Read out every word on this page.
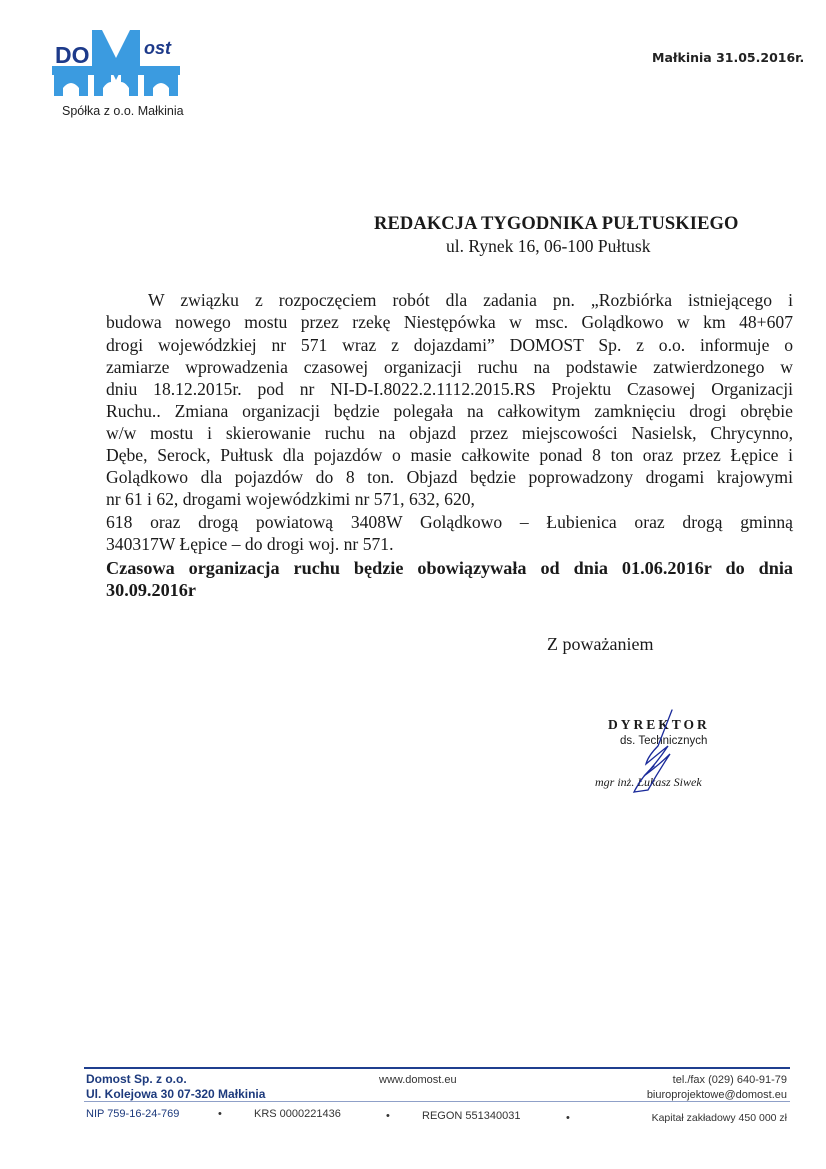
DO	ost
Spółka z o.o. Małkinia
Małkinia 31.05.2016r.
REDAKCJA TYGODNIKA PUŁTUSKIEGO
ul. Rynek 16, 06-100 Pułtusk
W związku z rozpoczęciem robót dla zadania pn. „Rozbiórka istniejącego i
budowa nowego mostu przez rzekę Niestępówka w msc. Golądkowo w km 48+607
drogi wojewódzkiej nr 571 wraz z dojazdami” DOMOST Sp. z o.o. informuje o
zamiarze wprowadzenia czasowej organizacji ruchu na podstawie zatwierdzonego w
dniu 18.12.2015r. pod nr NI-D-I.8022.2.1112.2015.RS Projektu Czasowej Organizacji
Ruchu.. Zmiana organizacji będzie polegała na całkowitym zamknięciu drogi obrębie
w/w mostu i skierowanie ruchu na objazd przez miejscowości Nasielsk, Chrycynno,
Dębe, Serock, Pułtusk dla pojazdów o masie całkowite ponad 8 ton oraz przez Łępice i
Golądkowo dla pojazdów do 8 ton. Objazd będzie poprowadzony drogami krajowymi
nr 61 i 62, drogami wojewódzkimi nr 571, 632, 620,
618 oraz drogą powiatową 3408W Golądkowo – Łubienica oraz drogą gminną
340317W Łępice – do drogi woj. nr 571.
Czasowa organizacja ruchu będzie obowiązywała od dnia 01.06.2016r do dnia
30.09.2016r
Z poważaniem
DYREKTOR
ds. Technicznych
mgr inż. Łukasz Siwek
Domost Sp. z o.o.
Ul. Kolejowa 30 07-320 Małkinia
www.domost.eu	tel./fax (029) 640-91-79
biuroprojektowe@domost.eu
NIP 759-16-24-769	•	KRS 0000221436	•	REGON 551340031	•	Kapitał zakładowy 450 000 zł
